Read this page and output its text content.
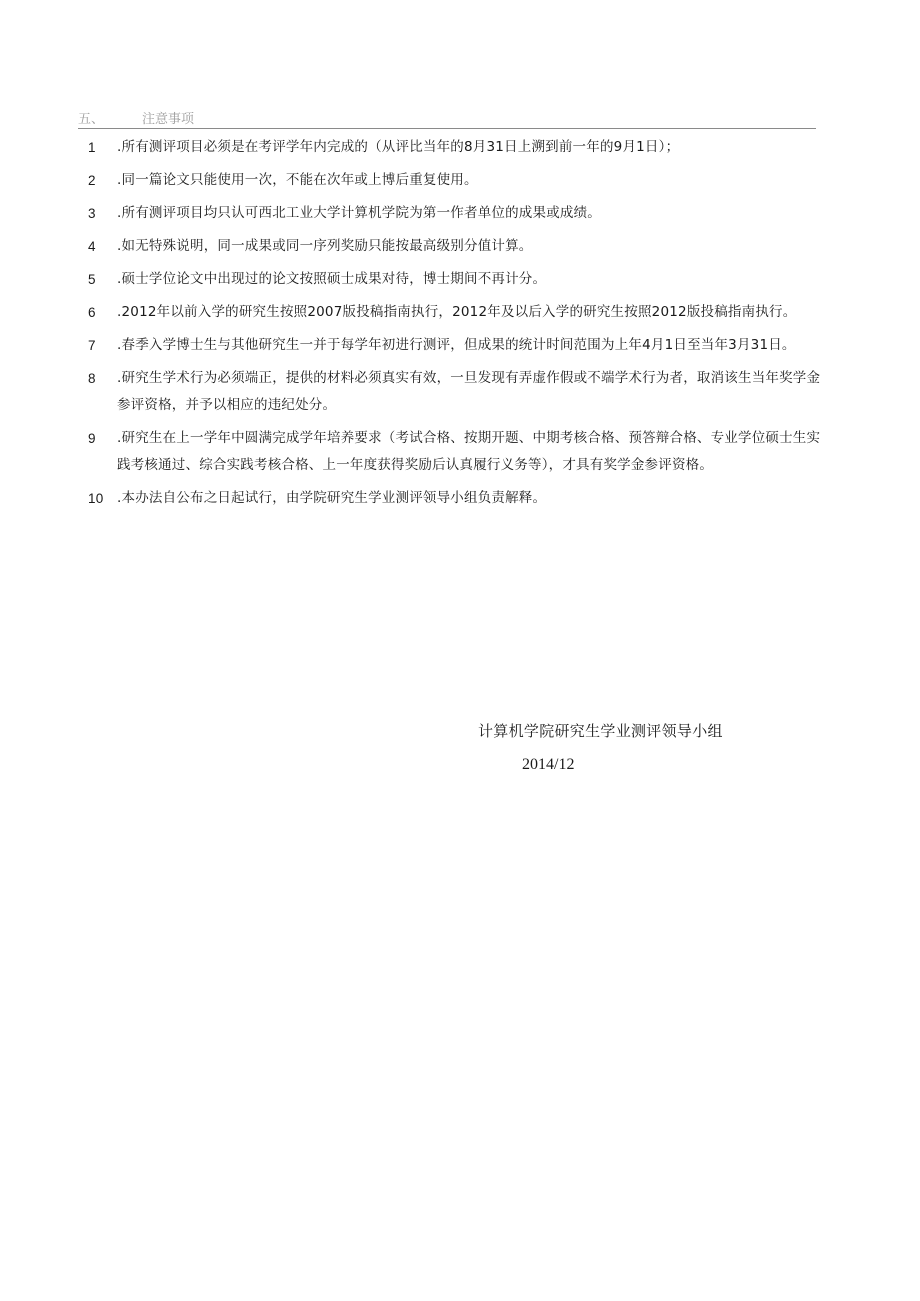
五、	注意事项
1 .所有测评项目必须是在考评学年内完成的（从评比当年的8月31日上溯到前一年的9月1日）；
2 .同一篇论文只能使用一次，不能在次年或上博后重复使用。
3 .所有测评项目均只认可西北工业大学计算机学院为第一作者单位的成果或成绩。
4 .如无特殊说明，同一成果或同一序列奖励只能按最高级别分值计算。
5 .硕士学位论文中出现过的论文按照硕士成果对待，博士期间不再计分。
6 .2012年以前入学的研究生按照2007版投稿指南执行，2012年及以后入学的研究生按照2012版投稿指南执行。
7 .春季入学博士生与其他研究生一并于每学年初进行测评，但成果的统计时间范围为上年4月1日至当年3月31日。
8 .研究生学术行为必须端正，提供的材料必须真实有效，一旦发现有弄虚作假或不端学术行为者，取消该生当年奖学金参评资格，并予以相应的违纪处分。
9 .研究生在上一学年中圆满完成学年培养要求（考试合格、按期开题、中期考核合格、预答辩合格、专业学位硕士生实践考核通过、综合实践考核合格、上一年度获得奖励后认真履行义务等），才具有奖学金参评资格。
10 .本办法自公布之日起试行，由学院研究生学业测评领导小组负责解释。
计算机学院研究生学业测评领导小组
2014/12
